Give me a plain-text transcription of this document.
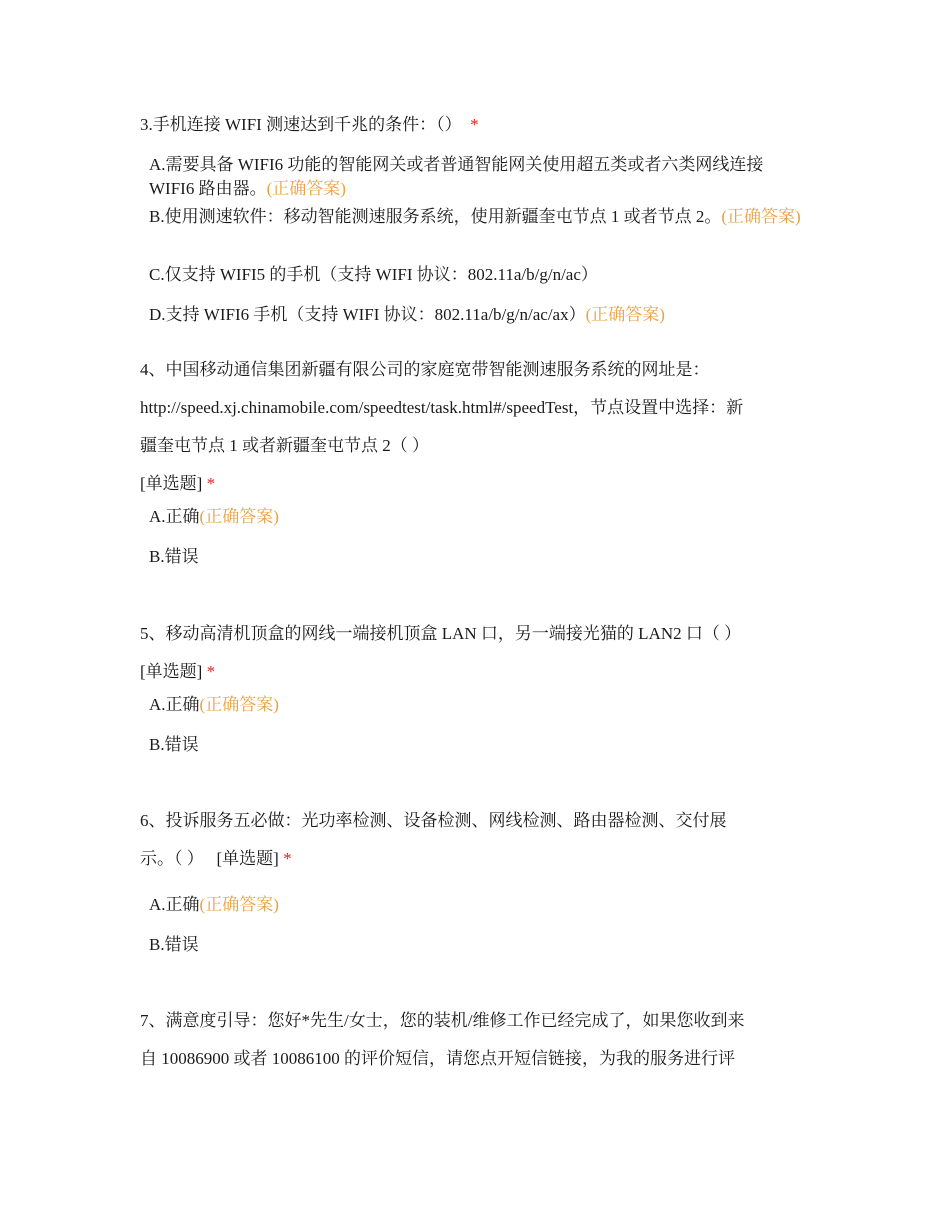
3.手机连接 WIFI 测速达到千兆的条件：（） *
A.需要具备 WIFI6 功能的智能网关或者普通智能网关使用超五类或者六类网线连接 WIFI6 路由器。(正确答案)
B.使用测速软件：移动智能测速服务系统，使用新疆奎屯节点 1 或者节点 2。(正确答案)
C.仅支持 WIFI5 的手机（支持 WIFI 协议：802.11a/b/g/n/ac）
D.支持 WIFI6 手机（支持 WIFI 协议：802.11a/b/g/n/ac/ax）(正确答案)
4、中国移动通信集团新疆有限公司的家庭宽带智能测速服务系统的网址是：
http://speed.xj.chinamobile.com/speedtest/task.html#/speedTest，节点设置中选择：新
疆奎屯节点 1 或者新疆奎屯节点 2（ ）
[单选题] *
A.正确(正确答案)
B.错误
5、移动高清机顶盒的网线一端接机顶盒 LAN 口，另一端接光猫的 LAN2 口（ ）
[单选题] *
A.正确(正确答案)
B.错误
6、投诉服务五必做：光功率检测、设备检测、网线检测、路由器检测、交付展
示。（ ） [单选题] *
A.正确(正确答案)
B.错误
7、满意度引导：您好*先生/女士，您的装机/维修工作已经完成了，如果您收到来
自 10086900 或者 10086100 的评价短信，请您点开短信链接，为我的服务进行评
